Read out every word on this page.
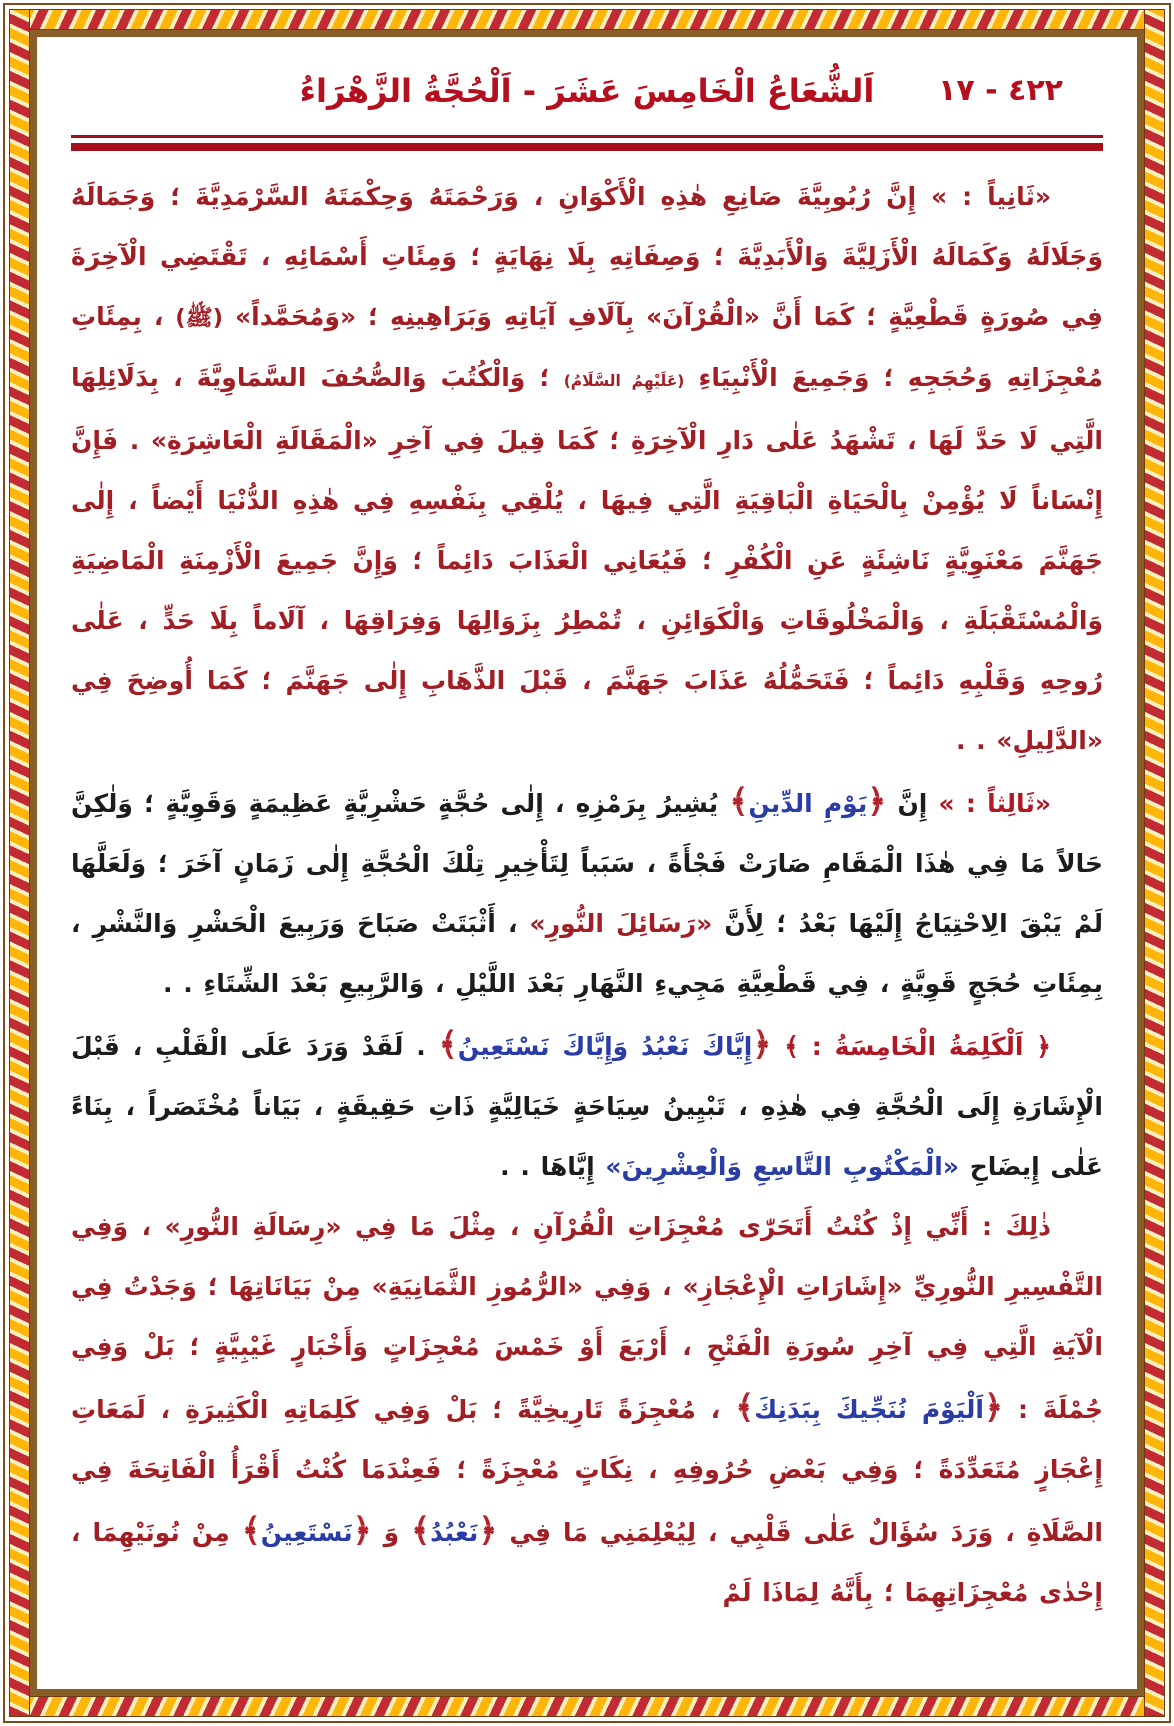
اَلشُّعَاعُ الْخَامِسَ عَشَرَ - اَلْحُجَّةُ الزَّهْرَاءُ	٤٢٢ - ١٧

«ثَانِياً : » إِنَّ رُبُوبِيَّةَ صَانِعِ هٰذِهِ الْأَكْوَانِ ، وَرَحْمَتَهُ وَحِكْمَتَهُ السَّرْمَدِيَّةَ ؛ وَجَمَالَهُ وَجَلَالَهُ وَكَمَالَهُ الْأَزَلِيَّةَ وَالْأَبَدِيَّةَ ؛ وَصِفَاتِهِ بِلَا نِهَايَةٍ ؛ وَمِئَاتِ أَسْمَائِهِ ، تَقْتَضِي الْآخِرَةَ فِي صُورَةٍ قَطْعِيَّةٍ ؛ كَمَا أَنَّ «الْقُرْآنَ» بِآلَافِ آيَاتِهِ وَبَرَاهِينِهِ ؛ «وَمُحَمَّداً» (ﷺ) ، بِمِئَاتِ مُعْجِزَاتِهِ وَحُجَجِهِ ؛ وَجَمِيعَ الْأَنْبِيَاءِ (عَلَيْهِمُ السَّلَامُ) ؛ وَالْكُتُبَ وَالصُّحُفَ السَّمَاوِيَّةَ ، بِدَلَائِلِهَا الَّتِي لَا حَدَّ لَهَا ، تَشْهَدُ عَلٰى دَارِ الْآخِرَةِ ؛ كَمَا قِيلَ فِي آخِرِ «الْمَقَالَةِ الْعَاشِرَةِ» . فَإِنَّ إِنْسَاناً لَا يُؤْمِنْ بِالْحَيَاةِ الْبَاقِيَةِ الَّتِي فِيهَا ، يُلْقِي بِنَفْسِهِ فِي هٰذِهِ الدُّنْيَا أَيْضاً ، إِلٰى جَهَنَّمَ مَعْنَوِيَّةٍ نَاشِئَةٍ عَنِ الْكُفْرِ ؛ فَيُعَانِي الْعَذَابَ دَائِماً ؛ وَإِنَّ جَمِيعَ الْأَزْمِنَةِ الْمَاضِيَةِ وَالْمُسْتَقْبَلَةِ ، وَالْمَخْلُوقَاتِ وَالْكَوَائِنِ ، تُمْطِرُ بِزَوَالِهَا وَفِرَاقِهَا ، آلَاماً بِلَا حَدٍّ ، عَلٰى رُوحِهِ وَقَلْبِهِ دَائِماً ؛ فَتَحَمُّلُهُ عَذَابَ جَهَنَّمَ ، قَبْلَ الذَّهَابِ إِلٰى جَهَنَّمَ ؛ كَمَا أُوضِحَ فِي «الدَّلِيلِ» . .

«ثَالِثاً : » إِنَّ ﴿يَوْمِ الدِّينِ﴾ يُشِيرُ بِرَمْزِهِ ، إِلٰى حُجَّةٍ حَشْرِيَّةٍ عَظِيمَةٍ وَقَوِيَّةٍ ؛ وَلٰكِنَّ حَالاً مَا فِي هٰذَا الْمَقَامِ صَارَتْ فَجْأَةً ، سَبَباً لِتَأْخِيرِ تِلْكَ الْحُجَّةِ إِلٰى زَمَانٍ آخَرَ ؛ وَلَعَلَّهَا لَمْ يَبْقَ الِاحْتِيَاجُ إِلَيْهَا بَعْدُ ؛ لِأَنَّ «رَسَائِلَ النُّورِ» ، أَثْبَتَتْ صَبَاحَ وَرَبِيعَ الْحَشْرِ وَالنَّشْرِ ، بِمِئَاتِ حُجَجٍ قَوِيَّةٍ ، فِي قَطْعِيَّةِ مَجِيءِ النَّهَارِ بَعْدَ اللَّيْلِ ، وَالرَّبِيعِ بَعْدَ الشِّتَاءِ . .

﴿ اَلْكَلِمَةُ الْخَامِسَةُ : ﴾ ﴿إِيَّاكَ نَعْبُدُ وَإِيَّاكَ نَسْتَعِينُ﴾ . لَقَدْ وَرَدَ عَلَى الْقَلْبِ ، قَبْلَ الْإِشَارَةِ إِلَى الْحُجَّةِ فِي هٰذِهِ ، تَبْيِينُ سِيَاحَةٍ خَيَالِيَّةٍ ذَاتِ حَقِيقَةٍ ، بَيَاناً مُخْتَصَراً ، بِنَاءً عَلٰى إِيضَاحِ «الْمَكْتُوبِ التَّاسِعِ وَالْعِشْرِينَ» إِيَّاهَا . .

ذٰلِكَ : أَنِّي إِذْ كُنْتُ أَتَحَرّٰى مُعْجِزَاتِ الْقُرْآنِ ، مِثْلَ مَا فِي «رِسَالَةِ النُّورِ» ، وَفِي التَّفْسِيرِ النُّورِيِّ «إِشَارَاتِ الْإِعْجَازِ» ، وَفِي «الرُّمُوزِ الثَّمَانِيَةِ» مِنْ بَيَانَاتِهَا ؛ وَجَدْتُ فِي الْآيَةِ الَّتِي فِي آخِرِ سُورَةِ الْفَتْحِ ، أَرْبَعَ أَوْ خَمْسَ مُعْجِزَاتٍ وَأَخْبَارٍ غَيْبِيَّةٍ ؛ بَلْ وَفِي جُمْلَةَ : ﴿اَلْيَوْمَ نُنَجِّيكَ بِبَدَنِكَ﴾ ، مُعْجِزَةً تَارِيخِيَّةً ؛ بَلْ وَفِي كَلِمَاتِهِ الْكَثِيرَةِ ، لَمَعَاتِ إِعْجَازٍ مُتَعَدِّدَةً ؛ وَفِي بَعْضِ حُرُوفِهِ ، نِكَاتٍ مُعْجِزَةً ؛ فَعِنْدَمَا كُنْتُ أَقْرَأُ الْفَاتِحَةَ فِي الصَّلَاةِ ، وَرَدَ سُؤَالٌ عَلٰى قَلْبِي ، لِيُعْلِمَنِي مَا فِي ﴿نَعْبُدُ﴾ وَ ﴿نَسْتَعِينُ﴾ مِنْ نُونَيْهِمَا ، إِحْدٰى مُعْجِزَاتِهِمَا ؛ بِأَنَّهُ لِمَاذَا لَمْ
